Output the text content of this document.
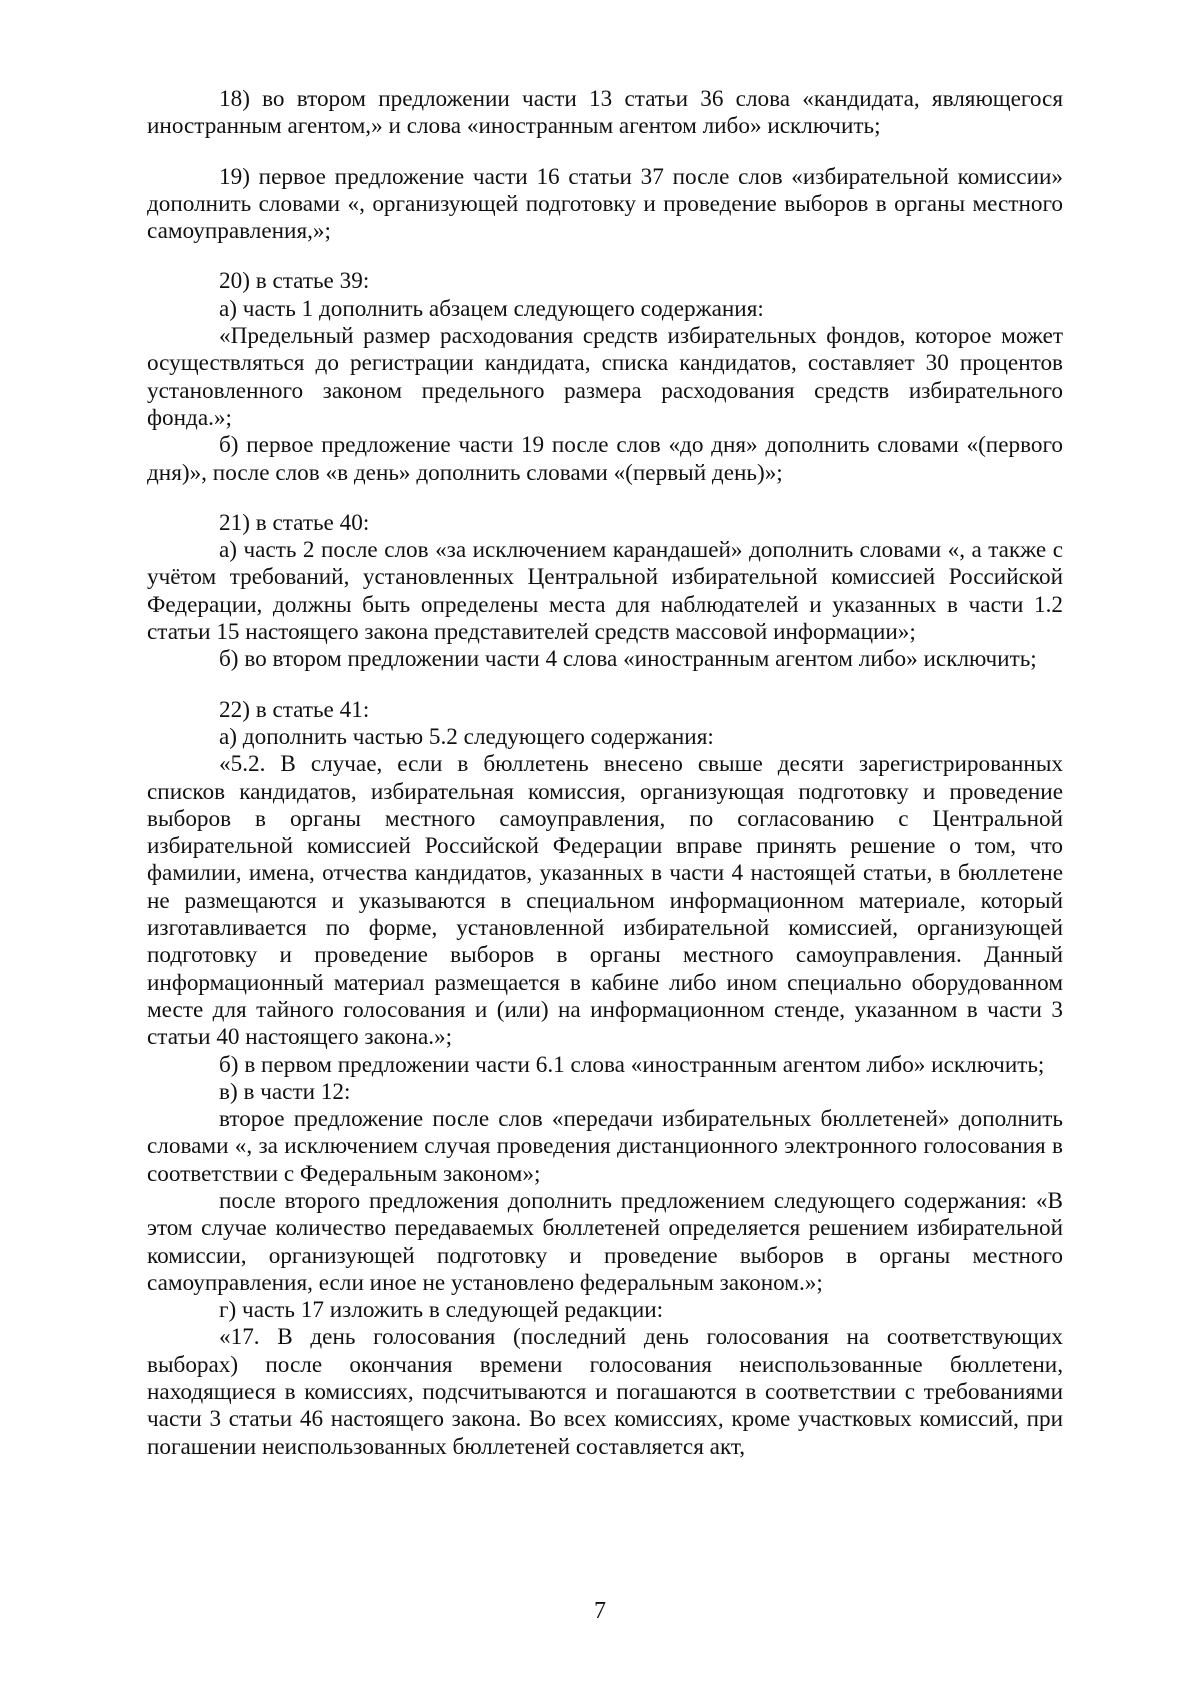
18) во втором предложении части 13 статьи 36 слова «кандидата, являющегося иностранным агентом,» и слова «иностранным агентом либо» исключить;

19) первое предложение части 16 статьи 37 после слов «избирательной комиссии» дополнить словами «, организующей подготовку и проведение выборов в органы местного самоуправления,»;

20) в статье 39:

а) часть 1 дополнить абзацем следующего содержания:

«Предельный размер расходования средств избирательных фондов, которое может осуществляться до регистрации кандидата, списка кандидатов, составляет 30 процентов установленного законом предельного размера расходования средств избирательного фонда.»;

б) первое предложение части 19 после слов «до дня» дополнить словами «(первого дня)», после слов «в день» дополнить словами «(первый день)»;

21) в статье 40:

а) часть 2 после слов «за исключением карандашей» дополнить словами «, а также с учётом требований, установленных Центральной избирательной комиссией Российской Федерации, должны быть определены места для наблюдателей и указанных в части 1.2 статьи 15 настоящего закона представителей средств массовой информации»;

б) во втором предложении части 4 слова «иностранным агентом либо» исключить;

22) в статье 41:

а) дополнить частью 5.2 следующего содержания:

«5.2. В случае, если в бюллетень внесено свыше десяти зарегистрированных списков кандидатов, избирательная комиссия, организующая подготовку и проведение выборов в органы местного самоуправления, по согласованию с Центральной избирательной комиссией Российской Федерации вправе принять решение о том, что фамилии, имена, отчества кандидатов, указанных в части 4 настоящей статьи, в бюллетене не размещаются и указываются в специальном информационном материале, который изготавливается по форме, установленной избирательной комиссией, организующей подготовку и проведение выборов в органы местного самоуправления. Данный информационный материал размещается в кабине либо ином специально оборудованном месте для тайного голосования и (или) на информационном стенде, указанном в части 3 статьи 40 настоящего закона.»;

б) в первом предложении части 6.1 слова «иностранным агентом либо» исключить;

в) в части 12:

второе предложение после слов «передачи избирательных бюллетеней» дополнить словами «, за исключением случая проведения дистанционного электронного голосования в соответствии с Федеральным законом»;

после второго предложения дополнить предложением следующего содержания: «В этом случае количество передаваемых бюллетеней определяется решением избирательной комиссии, организующей подготовку и проведение выборов в органы местного самоуправления, если иное не установлено федеральным законом.»;

г) часть 17 изложить в следующей редакции:

«17. В день голосования (последний день голосования на соответствующих выборах) после окончания времени голосования неиспользованные бюллетени, находящиеся в комиссиях, подсчитываются и погашаются в соответствии с требованиями части 3 статьи 46 настоящего закона. Во всех комиссиях, кроме участковых комиссий, при погашении неиспользованных бюллетеней составляется акт,

7
